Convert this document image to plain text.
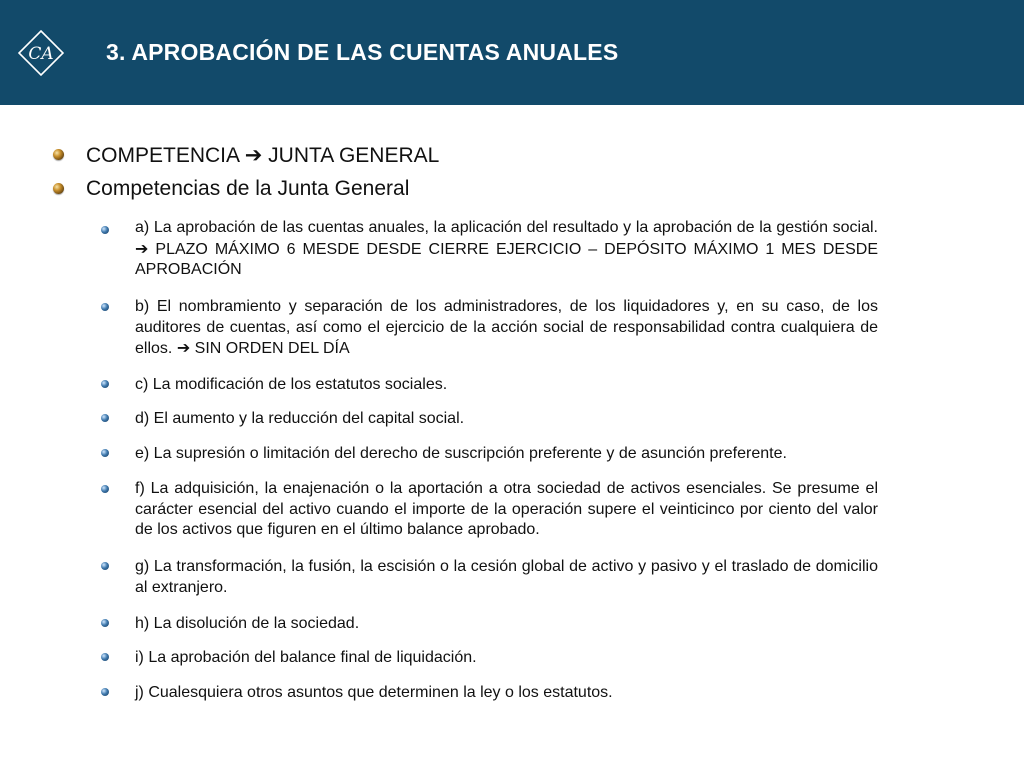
CA 3. APROBACIÓN DE LAS CUENTAS ANUALES
COMPETENCIA ➔ JUNTA GENERAL
Competencias de la Junta General
a) La aprobación de las cuentas anuales, la aplicación del resultado y la aprobación de la gestión social. ➔ PLAZO MÁXIMO 6 MESDE DESDE CIERRE EJERCICIO – DEPÓSITO MÁXIMO 1 MES DESDE APROBACIÓN
b) El nombramiento y separación de los administradores, de los liquidadores y, en su caso, de los auditores de cuentas, así como el ejercicio de la acción social de responsabilidad contra cualquiera de ellos. ➔ SIN ORDEN DEL DÍA
c) La modificación de los estatutos sociales.
d) El aumento y la reducción del capital social.
e) La supresión o limitación del derecho de suscripción preferente y de asunción preferente.
f) La adquisición, la enajenación o la aportación a otra sociedad de activos esenciales. Se presume el carácter esencial del activo cuando el importe de la operación supere el veinticinco por ciento del valor de los activos que figuren en el último balance aprobado.
g) La transformación, la fusión, la escisión o la cesión global de activo y pasivo y el traslado de domicilio al extranjero.
h) La disolución de la sociedad.
i) La aprobación del balance final de liquidación.
j) Cualesquiera otros asuntos que determinen la ley o los estatutos.
